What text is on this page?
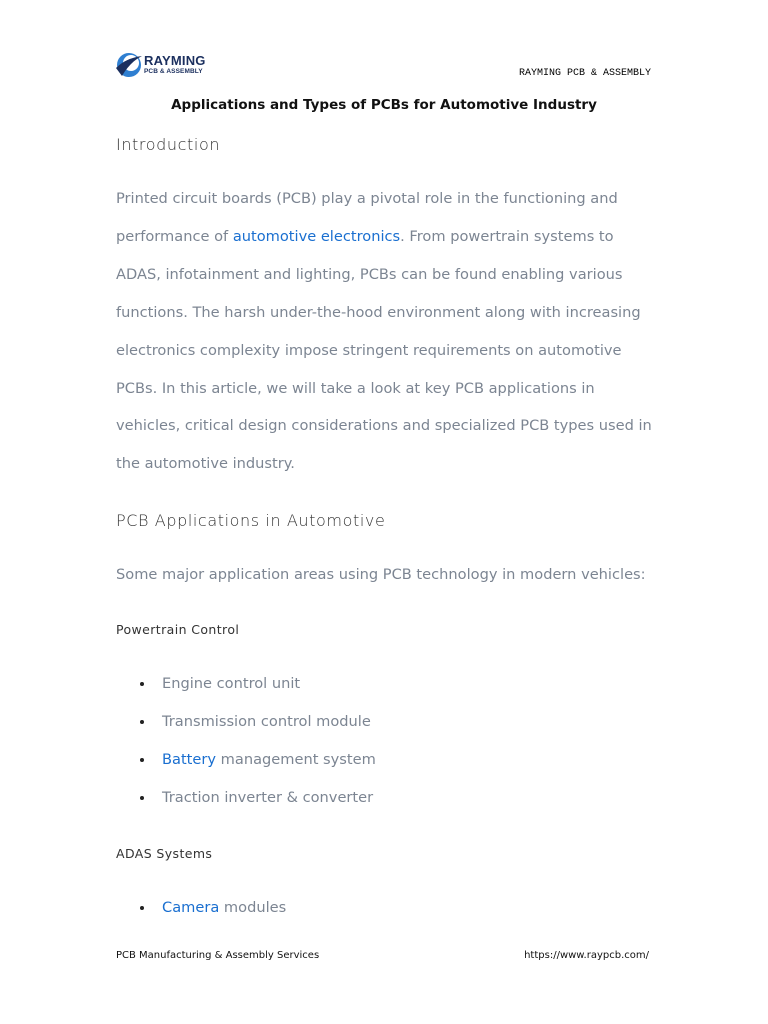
RAYMING
PCB & ASSEMBLY	RAYMING PCB & ASSEMBLY
Applications and Types of PCBs for Automotive Industry
Introduction
Printed circuit boards (PCB) play a pivotal role in the functioning and performance of automotive electronics. From powertrain systems to ADAS, infotainment and lighting, PCBs can be found enabling various functions. The harsh under-the-hood environment along with increasing electronics complexity impose stringent requirements on automotive PCBs. In this article, we will take a look at key PCB applications in vehicles, critical design considerations and specialized PCB types used in the automotive industry.
PCB Applications in Automotive
Some major application areas using PCB technology in modern vehicles:
Powertrain Control
Engine control unit
Transmission control module
Battery management system
Traction inverter & converter
ADAS Systems
Camera modules
PCB Manufacturing & Assembly Services	https://www.raypcb.com/
